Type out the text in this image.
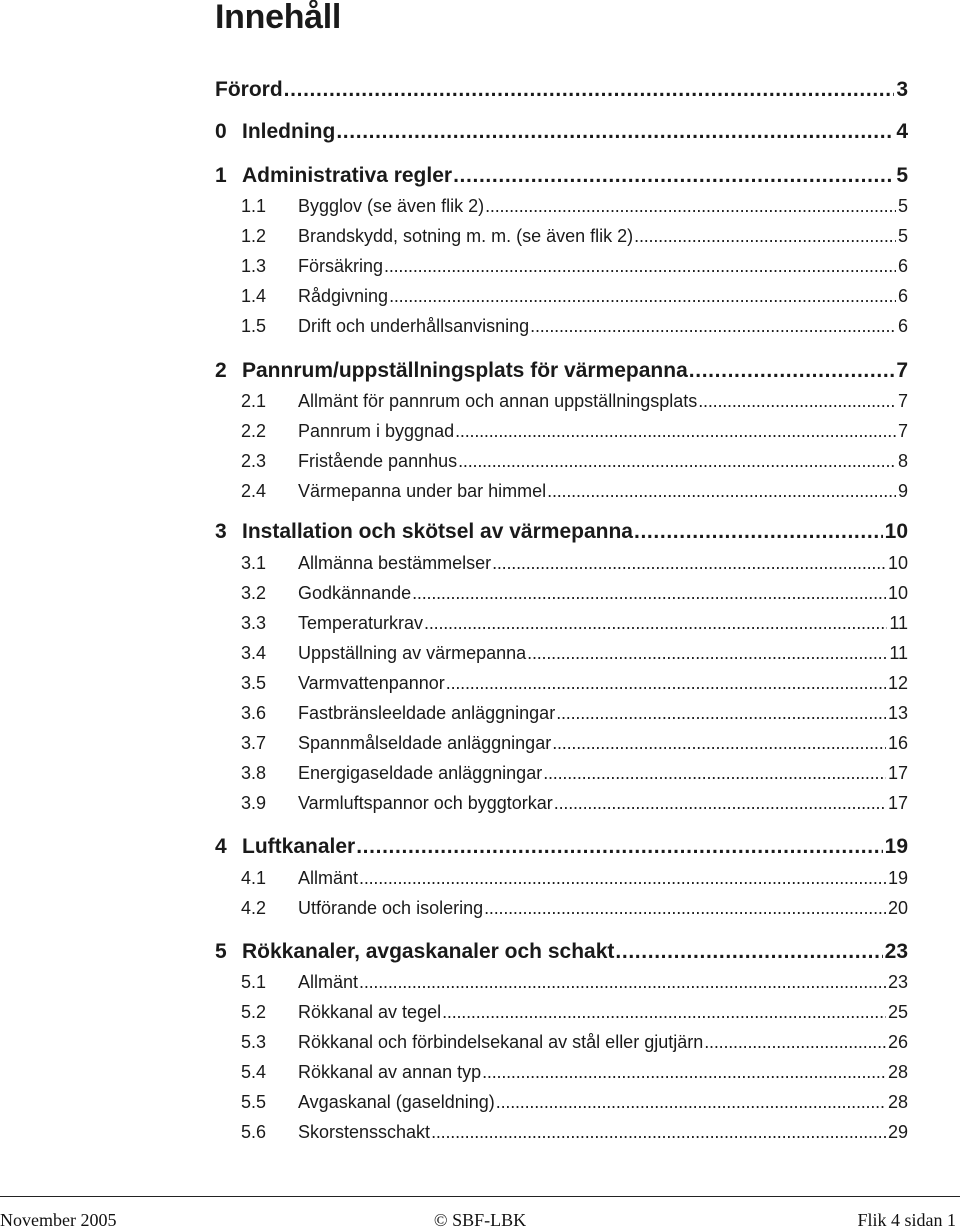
Innehåll
Förord . . .	3
0 Inledning . . .	4
1 Administrativa regler . . .	5
1.1	Bygglov (se även flik 2) . . .	5
1.2	Brandskydd, sotning m. m. (se även flik 2) . . .	5
1.3	Försäkring . . .	6
1.4	Rådgivning . . .	6
1.5	Drift och underhållsanvisning . . .	6
2 Pannrum/uppställningsplats för värmepanna . . .	7
2.1	Allmänt för pannrum och annan uppställningsplats . . .	7
2.2	Pannrum i byggnad . . .	7
2.3	Fristående pannhus . . .	8
2.4	Värmepanna under bar himmel . . .	9
3 Installation och skötsel av värmepanna . . .	10
3.1	Allmänna bestämmelser . . .	10
3.2	Godkännande . . .	10
3.3	Temperaturkrav . . .	11
3.4	Uppställning av värmepanna . . .	11
3.5	Varmvattenpannor . . .	12
3.6	Fastbränsleeldade anläggningar . . .	13
3.7	Spannmålseldade anläggningar . . .	16
3.8	Energigaseldade anläggningar . . .	17
3.9	Varmluftspannor och byggtorkar . . .	17
4 Luftkanaler . . .	19
4.1	Allmänt . . .	19
4.2	Utförande och isolering . . .	20
5 Rökkanaler, avgaskanaler och schakt . . .	23
5.1	Allmänt . . .	23
5.2	Rökkanal av tegel . . .	25
5.3	Rökkanal och förbindelsekanal av stål eller gjutjärn . . .	26
5.4	Rökkanal av annan typ . . .	28
5.5	Avgaskanal (gaseldning) . . .	28
5.6	Skorstensschakt . . .	29
November 2005	© SBF-LBK	Flik 4 sidan 1
